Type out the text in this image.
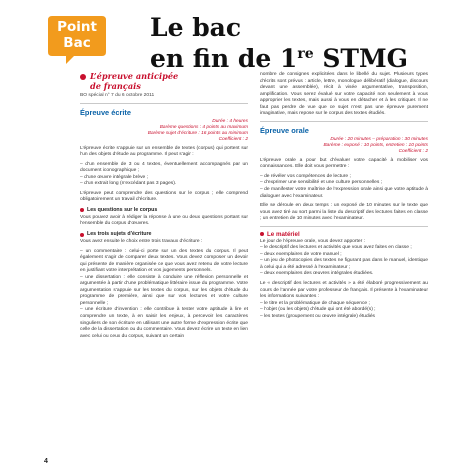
Point
Bac
Le bac
en fin de 1re STMG
L’épreuve anticipée
de français
BO spécial n° 7 du 6 octobre 2011
Épreuve écrite
Durée : 4 heures
Barème questions : 4 points au maximum
Barème sujet d’écriture : 16 points au minimum
Coefficient : 2

L’épreuve écrite s’appuie sur un ensemble de textes (corpus) qui portent sur l’un des objets d’étude au programme. Il peut s’agir :

– d’un ensemble de 3 ou 4 textes, éventuellement accompagnés par un document iconographique ;
– d’une œuvre intégrale brève ;
– d’un extrait long (n’excédant pas 3 pages).

L’épreuve peut comprendre des questions sur le corpus ; elle comprend obligatoirement un travail d’écriture.

Les questions sur le corpus

Vous pouvez avoir à rédiger la réponse à une ou deux questions portant sur l’ensemble du corpus d’œuvres.

Les trois sujets d’écriture

Vous avez ensuite le choix entre trois travaux d’écriture :

– un commentaire : celui-ci porte sur un des textes du corpus. Il peut également s’agir de comparer deux textes. Vous devez composer un devoir qui présente de manière organisée ce que vous avez retenu de votre lecture en justifiant votre interprétation et vos jugements personnels.
– une dissertation : elle consiste à conduire une réflexion personnelle et argumentée à partir d’une problématique littéraire issue du programme. Votre argumentation s’appuie sur les textes du corpus, sur les objets d’étude du programme de première, ainsi que sur vos lectures et votre culture personnelle ;
– une écriture d’invention : elle contribue à tester votre aptitude à lire et comprendre un texte, à en saisir les enjeux, à percevoir les caractères singuliers de son écriture en utilisant une autre forme d’expression écrite que celle de la dissertation ou du commentaire. Vous devez écrire un texte en lien avec celui ou ceux du corpus, suivant un certain

nombre de consignes explicitées dans le libellé du sujet. Plusieurs types d’écrits sont prévus : article, lettre, monologue délibératif (dialogue, discours devant une assemblée), récit à visée argumentative, transposition, amplification. Vous serez évalué sur votre capacité non seulement à vous approprier les textes, mais aussi à vous en détacher et à les critiquer. Il ne faut pas perdre de vue que ce sujet n’est pas une épreuve purement imaginative, mais repose sur le corpus des textes étudiés.

Épreuve orale
Durée : 20 minutes – préparation : 30 minutes
Barème : exposé : 10 points, entretien : 10 points
Coefficient : 2

L’épreuve orale a pour but d’évaluer votre capacité à mobiliser vos connaissances. Elle doit vous permettre :

– de révéler vos compétences de lecture ;
– d’exprimer une sensibilité et une culture personnelles ;
– de manifester votre maîtrise de l’expression orale ainsi que votre aptitude à dialoguer avec l’examinateur.

Elle se déroule en deux temps : un exposé de 10 minutes sur le texte que vous avez tiré au sort parmi la liste du descriptif des lectures faites en classe ; un entretien de 10 minutes avec l’examinateur.

Le matériel

Le jour de l’épreuve orale, vous devez apporter :

– le descriptif des lectures et activités que vous avez faites en classe ;
– deux exemplaires de votre manuel ;
– un jeu de photocopies des textes ne figurant pas dans le manuel, identique à celui qui a été adressé à l’examinateur ;
– deux exemplaires des œuvres intégrales étudiées.

Le « descriptif des lectures et activités » a été élaboré progressivement au cours de l’année par votre professeur de français. Il présente à l’examinateur les informations suivantes :

– le titre et la problématique de chaque séquence ;
– l’objet (ou les objets) d’étude qui ont été abordé(s) ;
– les textes (groupement ou œuvre intégrale) étudiés
4
